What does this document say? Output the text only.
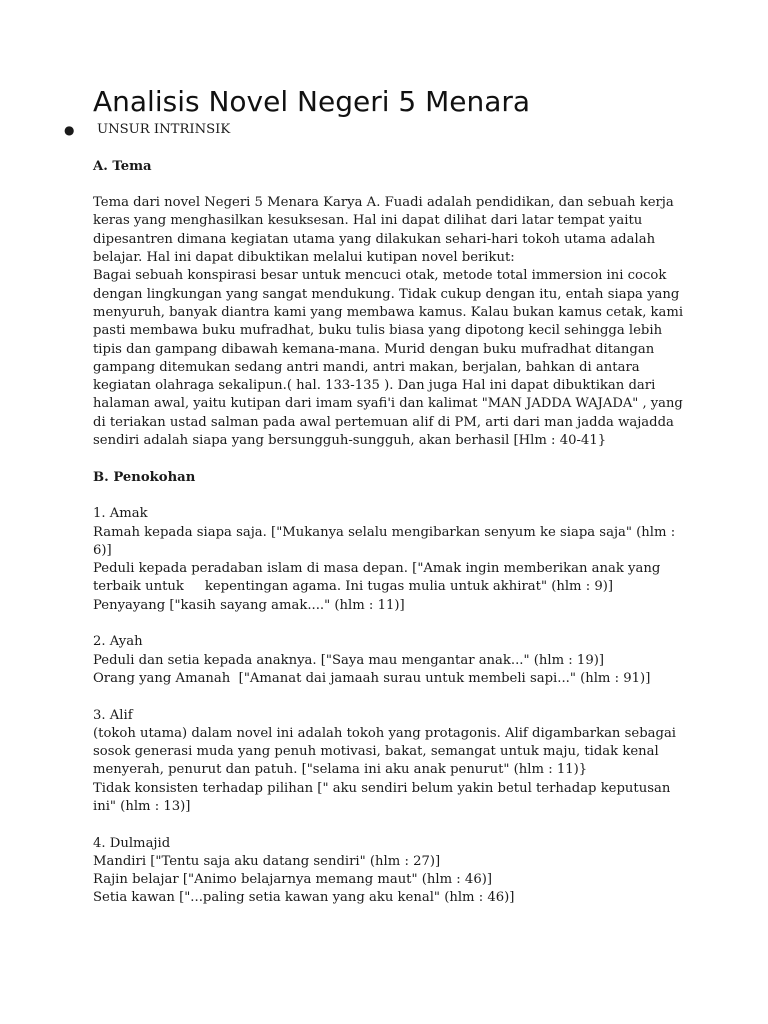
Analisis Novel Negeri 5 Menara
● UNSUR INTRINSIK

A. Tema

Tema dari novel Negeri 5 Menara Karya A. Fuadi adalah pendidikan, dan sebuah kerja
keras yang menghasilkan kesuksesan. Hal ini dapat dilihat dari latar tempat yaitu
dipesantren dimana kegiatan utama yang dilakukan sehari-hari tokoh utama adalah
belajar. Hal ini dapat dibuktikan melalui kutipan novel berikut:
Bagai sebuah konspirasi besar untuk mencuci otak, metode total immersion ini cocok
dengan lingkungan yang sangat mendukung. Tidak cukup dengan itu, entah siapa yang
menyuruh, banyak diantra kami yang membawa kamus. Kalau bukan kamus cetak, kami
pasti membawa buku mufradhat, buku tulis biasa yang dipotong kecil sehingga lebih
tipis dan gampang dibawah kemana-mana. Murid dengan buku mufradhat ditangan
gampang ditemukan sedang antri mandi, antri makan, berjalan, bahkan di antara
kegiatan olahraga sekalipun.( hal. 133-135 ). Dan juga Hal ini dapat dibuktikan dari
halaman awal, yaitu kutipan dari imam syafi'i dan kalimat "MAN JADDA WAJADA" , yang
di teriakan ustad salman pada awal pertemuan alif di PM, arti dari man jadda wajadda
sendiri adalah siapa yang bersungguh-sungguh, akan berhasil [Hlm : 40-41}

B. Penokohan

1. Amak
Ramah kepada siapa saja. ["Mukanya selalu mengibarkan senyum ke siapa saja" (hlm :
6)]
Peduli kepada peradaban islam di masa depan. ["Amak ingin memberikan anak yang
terbaik untuk     kepentingan agama. Ini tugas mulia untuk akhirat" (hlm : 9)]
Penyayang ["kasih sayang amak...." (hlm : 11)]
2. Ayah
Peduli dan setia kepada anaknya. ["Saya mau mengantar anak..." (hlm : 19)]
Orang yang Amanah  ["Amanat dai jamaah surau untuk membeli sapi..." (hlm : 91)]
3. Alif
(tokoh utama) dalam novel ini adalah tokoh yang protagonis. Alif digambarkan sebagai
sosok generasi muda yang penuh motivasi, bakat, semangat untuk maju, tidak kenal
menyerah, penurut dan patuh. ["selama ini aku anak penurut" (hlm : 11)}
Tidak konsisten terhadap pilihan [" aku sendiri belum yakin betul terhadap keputusan
ini" (hlm : 13)]
4. Dulmajid
Mandiri ["Tentu saja aku datang sendiri" (hlm : 27)]
Rajin belajar ["Animo belajarnya memang maut" (hlm : 46)]
Setia kawan ["...paling setia kawan yang aku kenal" (hlm : 46)]
